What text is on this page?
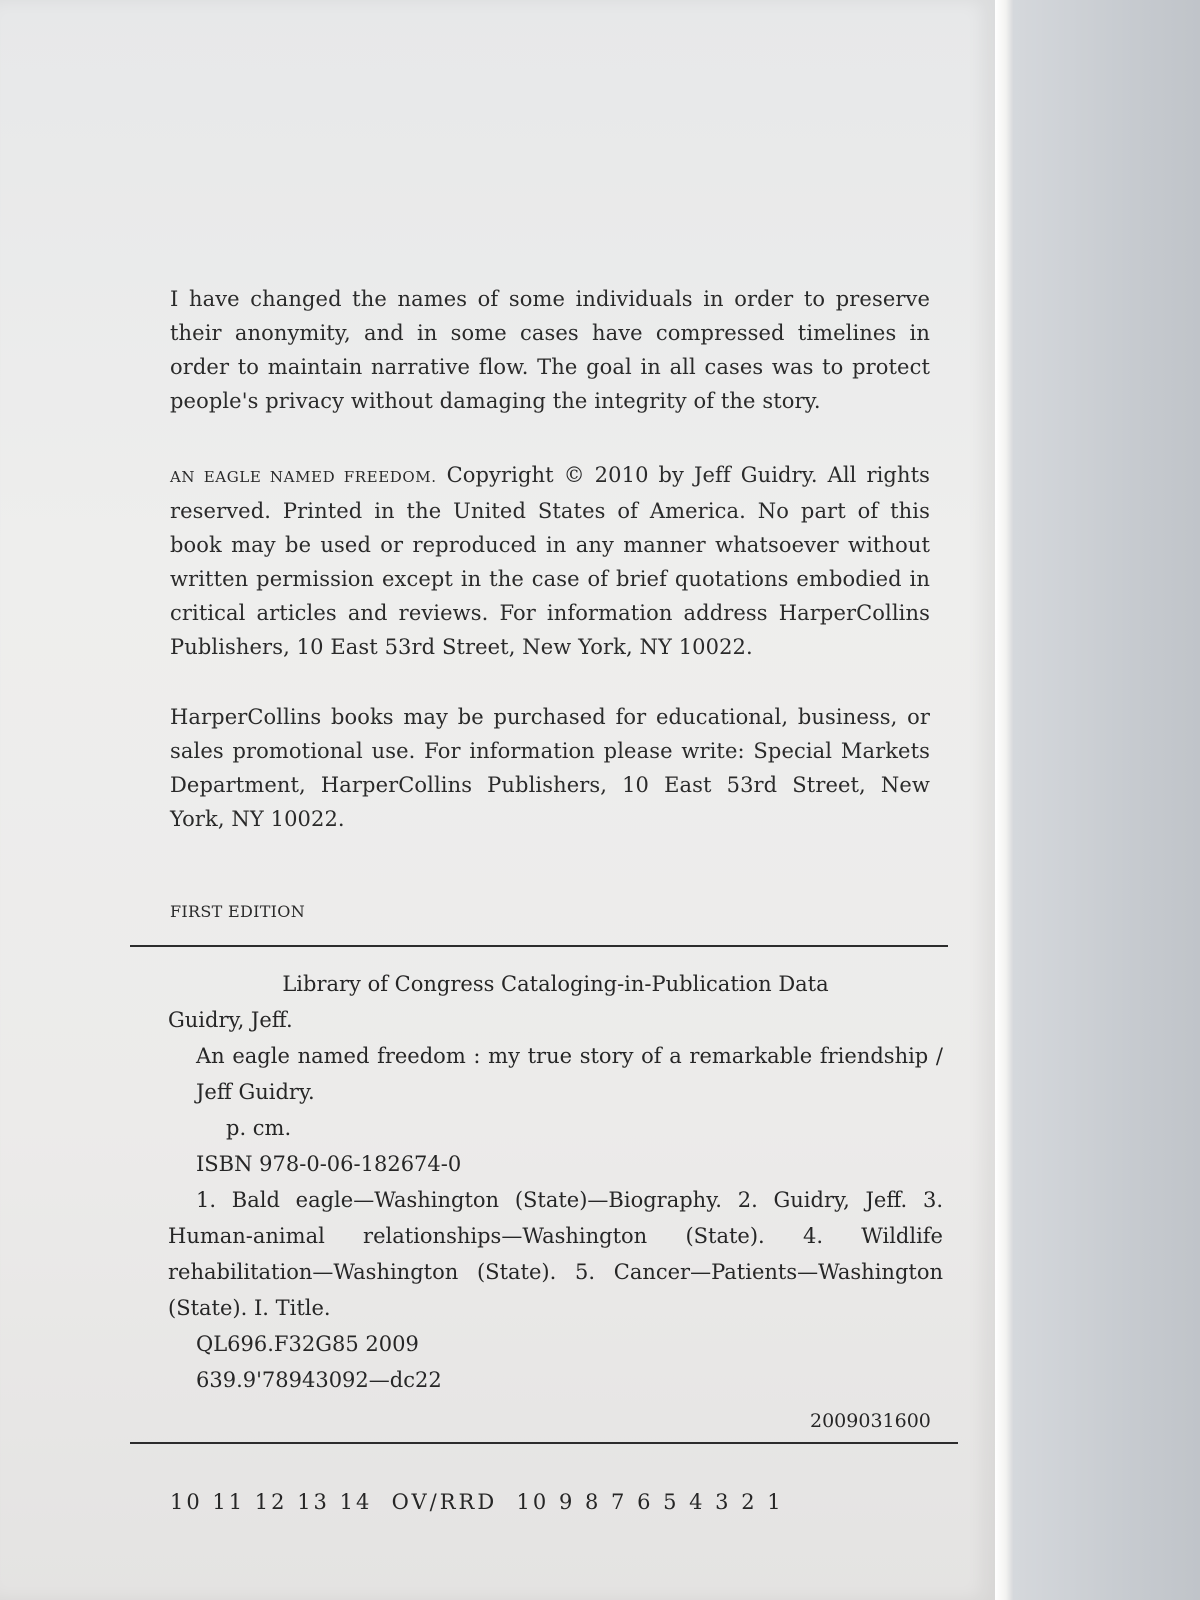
I have changed the names of some individuals in order to preserve their anonymity, and in some cases have compressed timelines in order to maintain narrative flow. The goal in all cases was to protect people's privacy without damaging the integrity of the story.

AN EAGLE NAMED FREEDOM. Copyright © 2010 by Jeff Guidry. All rights reserved. Printed in the United States of America. No part of this book may be used or reproduced in any manner whatsoever without written permission except in the case of brief quotations embodied in critical articles and reviews. For information address HarperCollins Publishers, 10 East 53rd Street, New York, NY 10022.

HarperCollins books may be purchased for educational, business, or sales promotional use. For information please write: Special Markets Department, HarperCollins Publishers, 10 East 53rd Street, New York, NY 10022.

FIRST EDITION
Library of Congress Cataloging-in-Publication Data
Guidry, Jeff.
An eagle named freedom : my true story of a remarkable friendship / Jeff Guidry.
p. cm.
ISBN 978-0-06-182674-0
1. Bald eagle—Washington (State)—Biography. 2. Guidry, Jeff. 3. Human-animal relationships—Washington (State). 4. Wildlife rehabilitation—Washington (State). 5. Cancer—Patients—Washington (State). I. Title.
QL696.F32G85 2009
639.9'78943092—dc22
2009031600
10 11 12 13 14  OV/RRD  10 9 8 7 6 5 4 3 2 1
